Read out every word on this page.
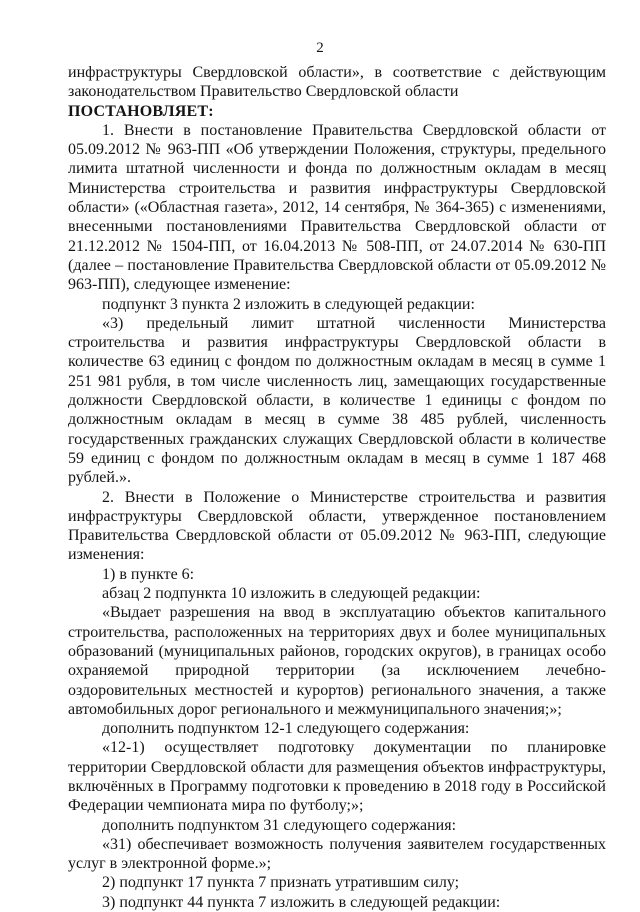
2

инфраструктуры Свердловской области», в соответствие с действующим законодательством Правительство Свердловской области

ПОСТАНОВЛЯЕТ:

1. Внести в постановление Правительства Свердловской области от 05.09.2012 № 963-ПП «Об утверждении Положения, структуры, предельного лимита штатной численности и фонда по должностным окладам в месяц Министерства строительства и развития инфраструктуры Свердловской области» («Областная газета», 2012, 14 сентября, № 364-365) с изменениями, внесенными постановлениями Правительства Свердловской области от 21.12.2012 № 1504-ПП, от 16.04.2013 № 508-ПП, от 24.07.2014 № 630-ПП (далее – постановление Правительства Свердловской области от 05.09.2012 № 963-ПП), следующее изменение:

подпункт 3 пункта 2 изложить в следующей редакции:

«3) предельный лимит штатной численности Министерства строительства и развития инфраструктуры Свердловской области в количестве 63 единиц с фондом по должностным окладам в месяц в сумме 1 251 981 рубля, в том числе численность лиц, замещающих государственные должности Свердловской области, в количестве 1 единицы с фондом по должностным окладам в месяц в сумме 38 485 рублей, численность государственных гражданских служащих Свердловской области в количестве 59 единиц с фондом по должностным окладам в месяц в сумме 1 187 468 рублей.».

2. Внести в Положение о Министерстве строительства и развития инфраструктуры Свердловской области, утвержденное постановлением Правительства Свердловской области от 05.09.2012 № 963-ПП, следующие изменения:

1) в пункте 6:

абзац 2 подпункта 10 изложить в следующей редакции:

«Выдает разрешения на ввод в эксплуатацию объектов капитального строительства, расположенных на территориях двух и более муниципальных образований (муниципальных районов, городских округов), в границах особо охраняемой природной территории (за исключением лечебно-оздоровительных местностей и курортов) регионального значения, а также автомобильных дорог регионального и межмуниципального значения;»;

дополнить подпунктом 12-1 следующего содержания:

«12-1) осуществляет подготовку документации по планировке территории Свердловской области для размещения объектов инфраструктуры, включённых в Программу подготовки к проведению в 2018 году в Российской Федерации чемпионата мира по футболу;»;

дополнить подпунктом 31 следующего содержания:

«31) обеспечивает возможность получения заявителем государственных услуг в электронной форме.»;

2) подпункт 17 пункта 7 признать утратившим силу;

3) подпункт 44 пункта 7 изложить в следующей редакции:
